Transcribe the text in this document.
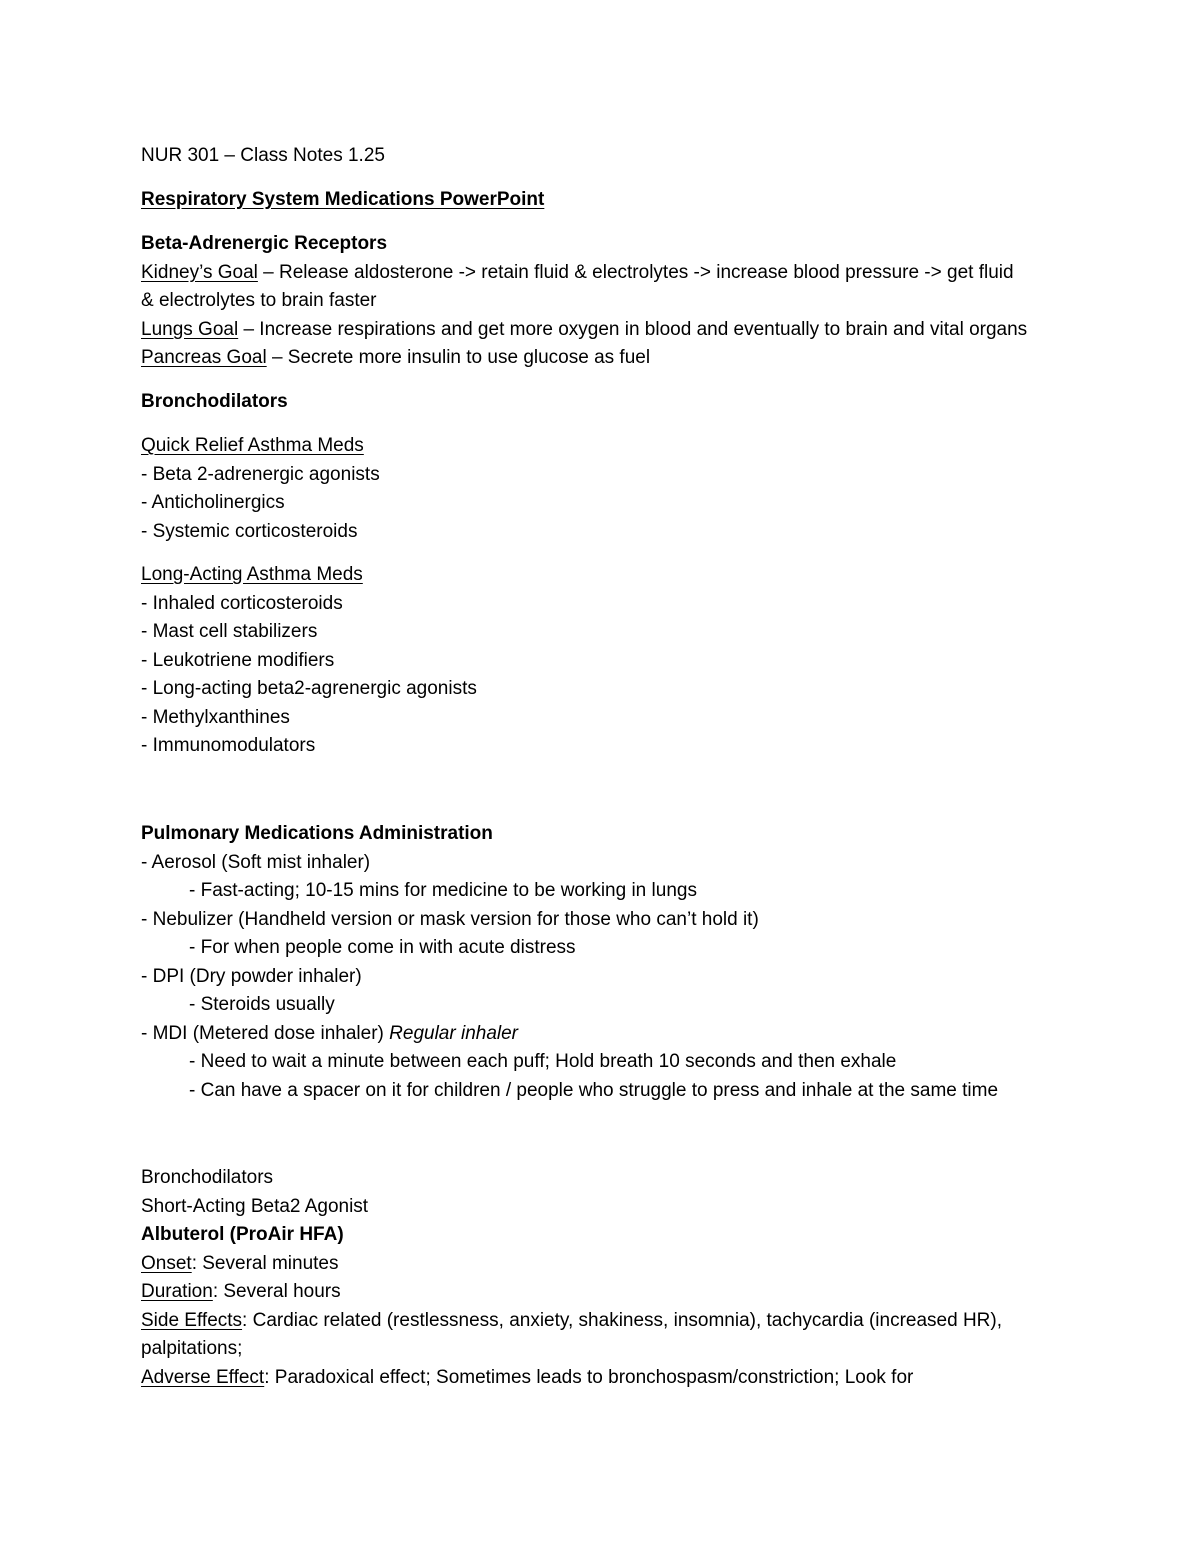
NUR 301 – Class Notes 1.25
Respiratory System Medications PowerPoint
Beta-Adrenergic Receptors
Kidney’s Goal – Release aldosterone -> retain fluid & electrolytes -> increase blood pressure -> get fluid
& electrolytes to brain faster
Lungs Goal – Increase respirations and get more oxygen in blood and eventually to brain and vital organs
Pancreas Goal – Secrete more insulin to use glucose as fuel
Bronchodilators
Quick Relief Asthma Meds
- Beta 2-adrenergic agonists
- Anticholinergics
- Systemic corticosteroids
Long-Acting Asthma Meds
- Inhaled corticosteroids
- Mast cell stabilizers
- Leukotriene modifiers
- Long-acting beta2-agrenergic agonists
- Methylxanthines
- Immunomodulators
Pulmonary Medications Administration
- Aerosol (Soft mist inhaler)
- Fast-acting; 10-15 mins for medicine to be working in lungs
- Nebulizer (Handheld version or mask version for those who can’t hold it)
- For when people come in with acute distress
- DPI (Dry powder inhaler)
- Steroids usually
- MDI (Metered dose inhaler) Regular inhaler
- Need to wait a minute between each puff; Hold breath 10 seconds and then exhale
- Can have a spacer on it for children / people who struggle to press and inhale at the same time
Bronchodilators
Short-Acting Beta2 Agonist
Albuterol (ProAir HFA)
Onset: Several minutes
Duration: Several hours
Side Effects: Cardiac related (restlessness, anxiety, shakiness, insomnia), tachycardia (increased HR),
palpitations;
Adverse Effect: Paradoxical effect; Sometimes leads to bronchospasm/constriction; Look for
